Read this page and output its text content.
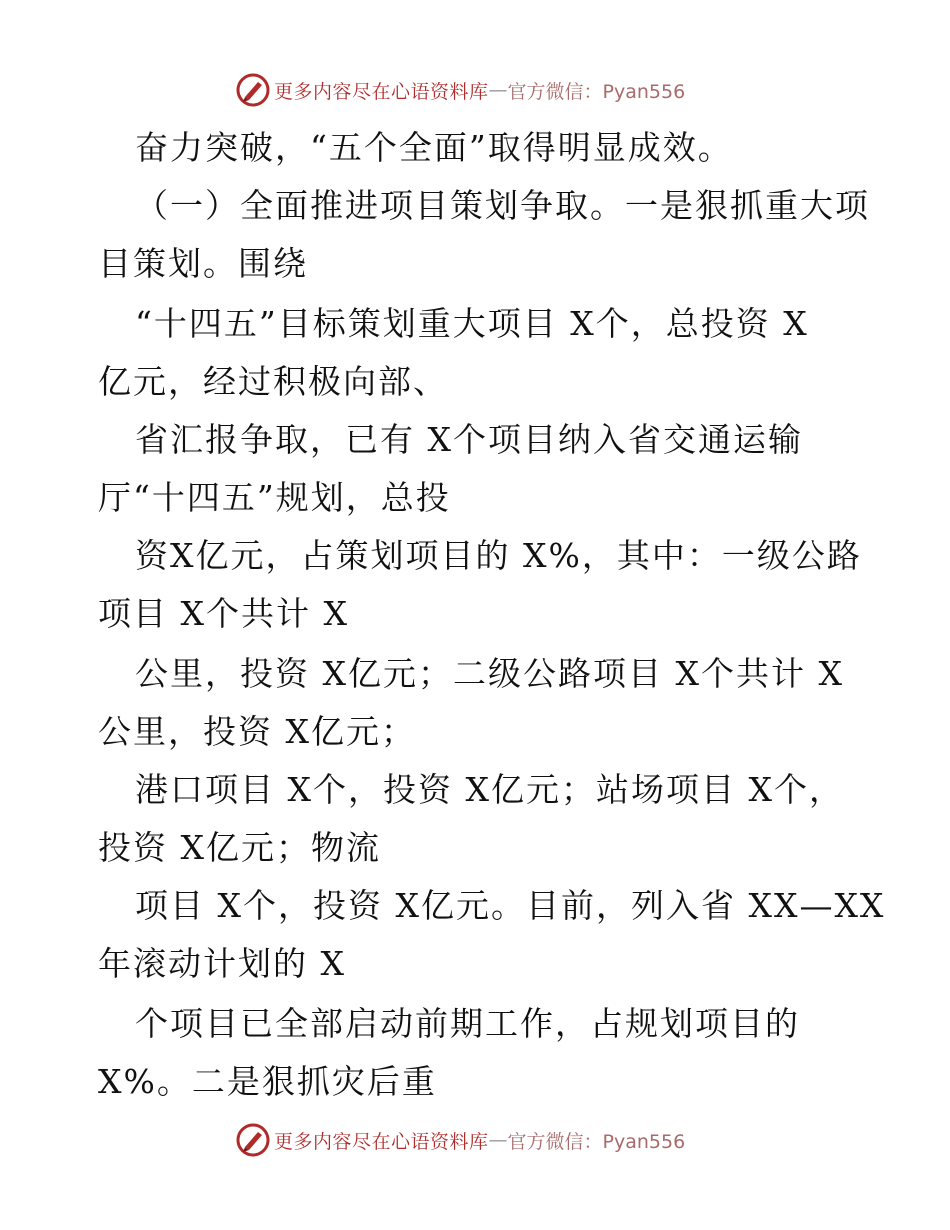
更多内容尽在心语资料库 — 官方微信：Pyan556
奋力突破，“五个全面”取得明显成效。
（一）全面推进项目策划争取。一是狠抓重大项
目策划。围绕
“十四五”目标策划重大项目 X个，总投资 X
亿元，经过积极向部、
省汇报争取，已有 X个项目纳入省交通运输
厅“十四五”规划，总投
资X亿元，占策划项目的 X%，其中：一级公路
项目 X个共计 X
公里，投资 X亿元；二级公路项目 X个共计 X
公里，投资 X亿元；
港口项目 X个，投资 X亿元；站场项目 X个，
投资 X亿元；物流
项目 X个，投资 X亿元。目前，列入省 XX—XX
年滚动计划的 X
个项目已全部启动前期工作，占规划项目的
X%。二是狠抓灾后重
更多内容尽在心语资料库 — 官方微信：Pyan556
